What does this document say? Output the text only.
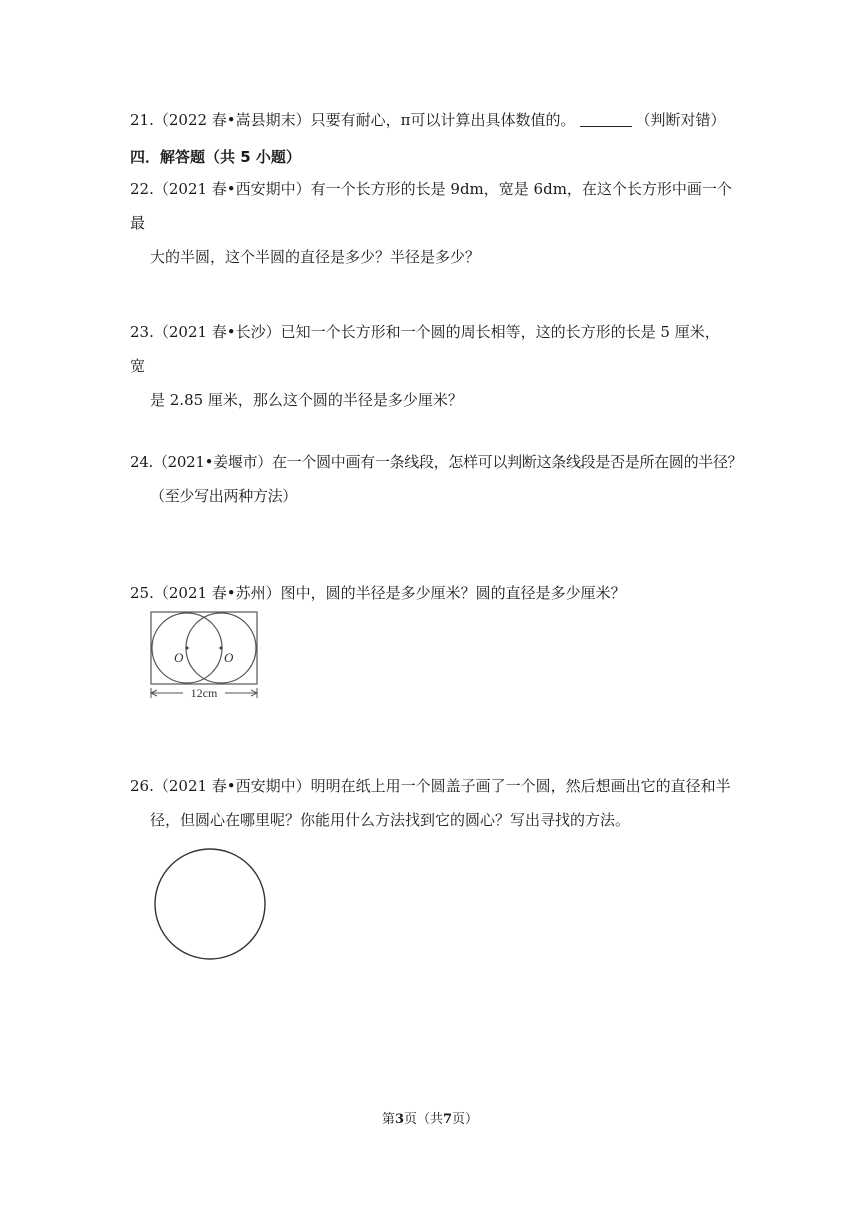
21.（2022 春•嵩县期末）只要有耐心，π可以计算出具体数值的。	（判断对错）
四．解答题（共 5 小题）
22.（2021 春•西安期中）有一个长方形的长是 9dm，宽是 6dm，在这个长方形中画一个最
大的半圆，这个半圆的直径是多少？半径是多少？
23.（2021 春•长沙）已知一个长方形和一个圆的周长相等，这的长方形的长是 5 厘米，宽
是 2.85 厘米，那么这个圆的半径是多少厘米？
24.（2021•姜堰市）在一个圆中画有一条线段，怎样可以判断这条线段是否是所在圆的半径？
（至少写出两种方法）
25.（2021 春•苏州）图中，圆的半径是多少厘米？圆的直径是多少厘米？
O	O
12cm
26.（2021 春•西安期中）明明在纸上用一个圆盖子画了一个圆，然后想画出它的直径和半
径，但圆心在哪里呢？你能用什么方法找到它的圆心？写出寻找的方法。
第3页（共7页）
